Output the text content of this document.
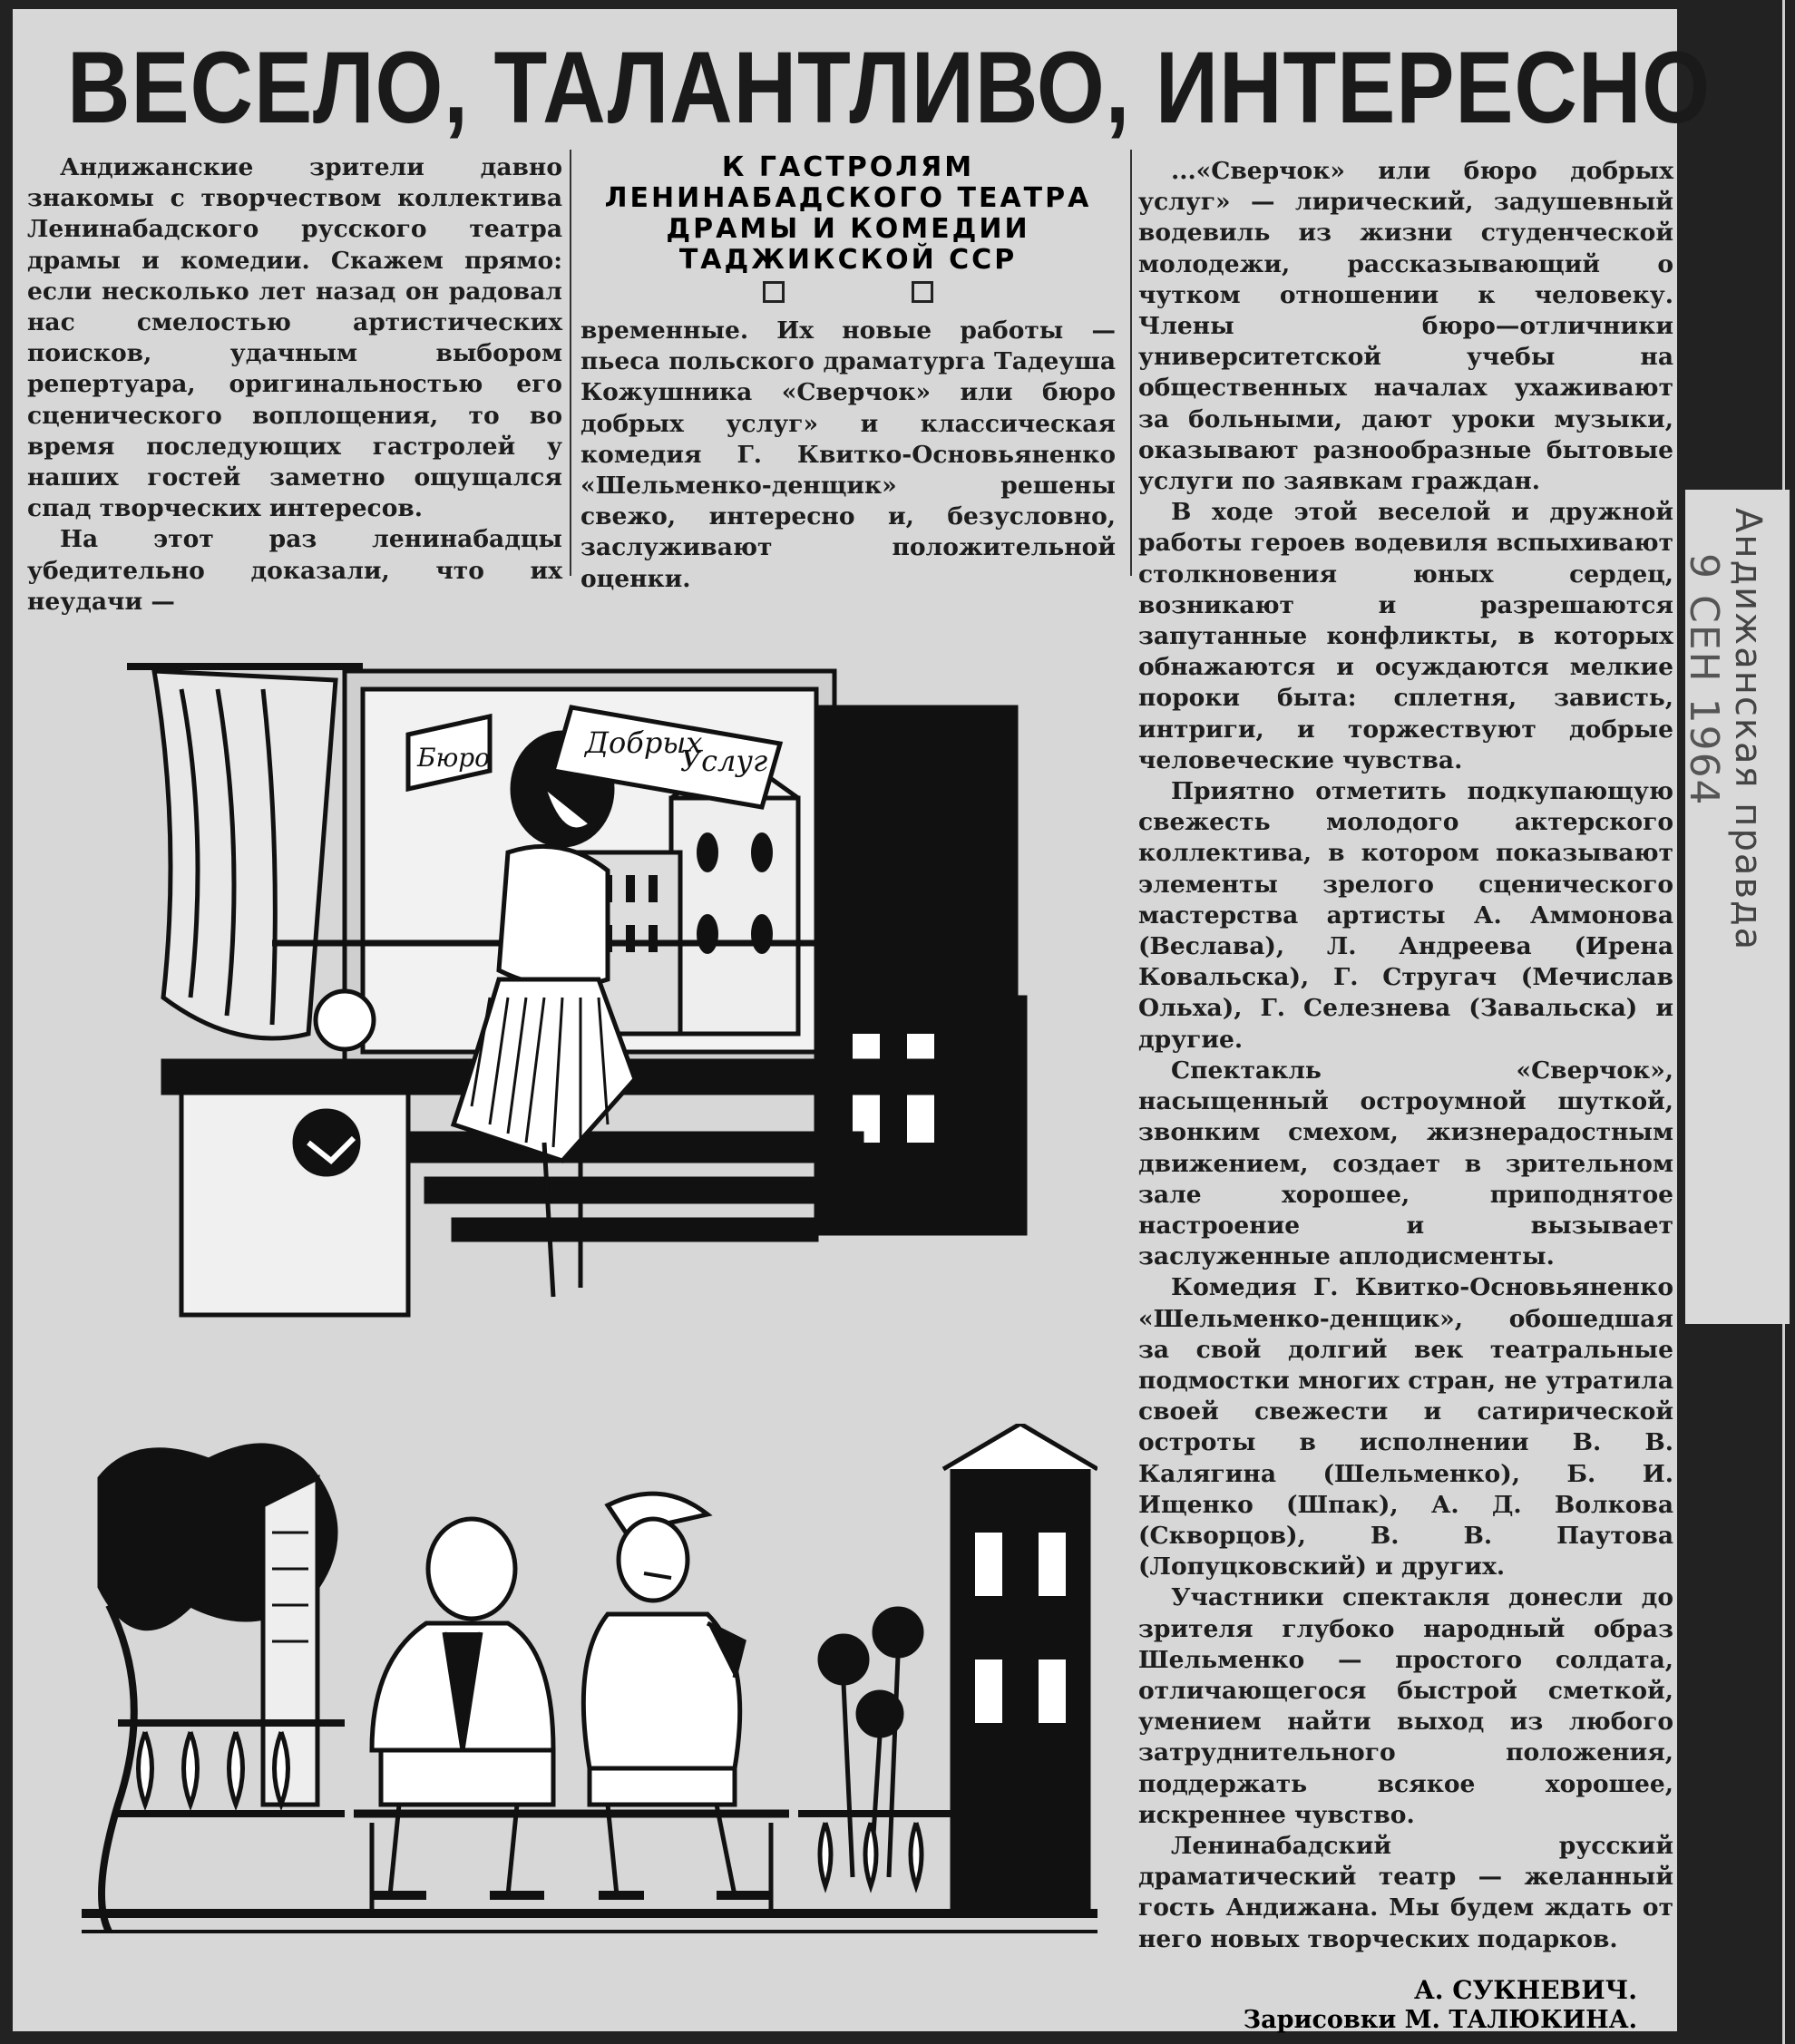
Андижанская правда
9 СЕН 1964
ВЕСЕЛО, ТАЛАНТЛИВО, ИНТЕРЕСНО

Андижанские зрители давно знакомы с творчеством коллектива Ленинабадского русского театра драмы и комедии. Скажем прямо: если несколько лет назад он радовал нас смелостью артистических поисков, удачным выбором репертуара, оригинальностью его сценического воплощения, то во время последующих гастролей у наших гостей заметно ощущался спад творческих интересов.

На этот раз ленинабадцы убедительно доказали, что их неудачи —

К ГАСТРОЛЯМ
ЛЕНИНАБАДСКОГО ТЕАТРА
ДРАМЫ И КОМЕДИИ
ТАДЖИКСКОЙ ССР

временные. Их новые работы — пьеса польского драматурга Тадеуша Кожушника «Сверчок» или бюро добрых услуг» и классическая комедия Г. Квитко-Основьяненко «Шельменко-денщик» решены свежо, интересно и, безусловно, заслуживают положительной оценки.

...«Сверчок» или бюро добрых услуг» — лирический, задушевный водевиль из жизни студенческой молодежи, рассказывающий о чутком отношении к человеку. Члены бюро—отличники университетской учебы на общественных началах ухаживают за больными, дают уроки музыки, оказывают разнообразные бытовые услуги по заявкам граждан.

В ходе этой веселой и дружной работы героев водевиля вспыхивают столкновения юных сердец, возникают и разрешаются запутанные конфликты, в которых обнажаются и осуждаются мелкие пороки быта: сплетня, зависть, интриги, и торжествуют добрые человеческие чувства.

Приятно отметить подкупающую свежесть молодого актерского коллектива, в котором показывают элементы зрелого сценического мастерства артисты А. Аммонова (Веслава), Л. Андреева (Ирена Ковальска), Г. Стругач (Мечислав Ольха), Г. Селезнева (Завальска) и другие.

Спектакль «Сверчок», насыщенный остроумной шуткой, звонким смехом, жизнерадостным движением, создает в зрительном зале хорошее, приподнятое настроение и вызывает заслуженные аплодисменты.

Комедия Г. Квитко-Основьяненко «Шельменко-денщик», обошедшая за свой долгий век театральные подмостки многих стран, не утратила своей свежести и сатирической остроты в исполнении В. В. Калягина (Шельменко), Б. И. Ищенко (Шпак), А. Д. Волкова (Скворцов), В. В. Паутова (Лопуцковский) и других.

Участники спектакля донесли до зрителя глубоко народный образ Шельменко — простого солдата, отличающегося быстрой сметкой, умением найти выход из любого затруднительного положения, поддержать всякое хорошее, искреннее чувство.

Ленинабадский русский драматический театр — желанный гость Андижана. Мы будем ждать от него новых творческих подарков.

Бюро	Добрых
Услуг
А. СУКНЕВИЧ.
Зарисовки М. ТАЛЮКИНА.
